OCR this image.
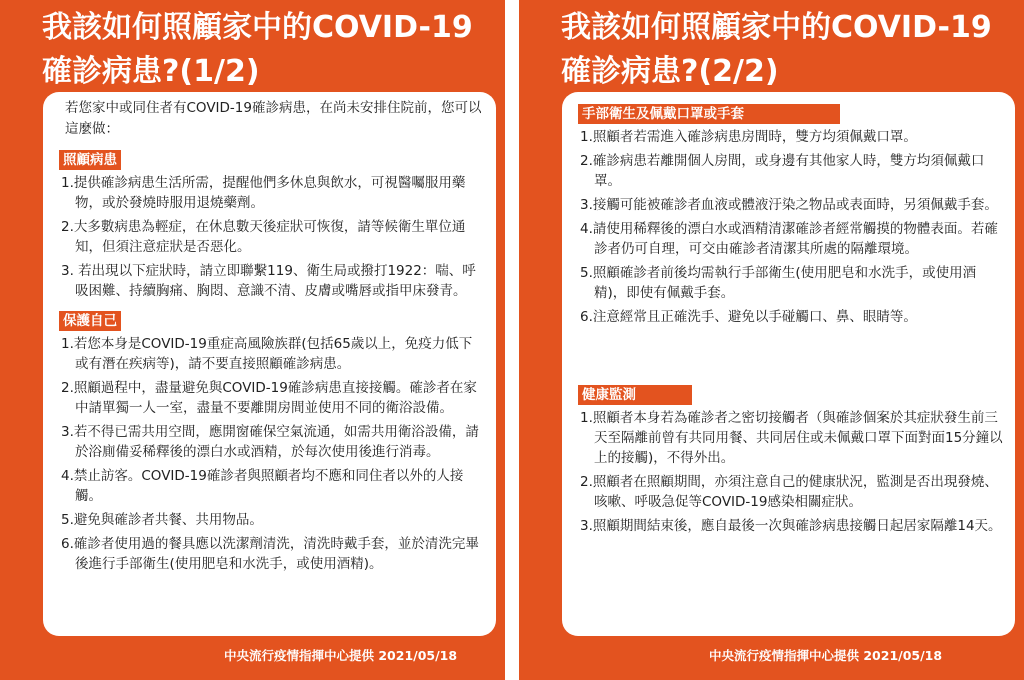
我該如何照顧家中的COVID-19
確診病患?(1/2)
若您家中或同住者有COVID-19確診病患，在尚未安排住院前，您可以這麼做：
照顧病患
1.提供確診病患生活所需，提醒他們多休息與飲水，可視醫囑服用藥物，或於發燒時服用退燒藥劑。
2.大多數病患為輕症，在休息數天後症狀可恢復，請等候衛生單位通知，但須注意症狀是否惡化。
3. 若出現以下症狀時，請立即聯繫119、衛生局或撥打1922：喘、呼吸困難、持續胸痛、胸悶、意識不清、皮膚或嘴唇或指甲床發青。
保護自己
1.若您本身是COVID-19重症高風險族群(包括65歲以上，免疫力低下或有潛在疾病等)，請不要直接照顧確診病患。
2.照顧過程中，盡量避免與COVID-19確診病患直接接觸。確診者在家中請單獨一人一室，盡量不要離開房間並使用不同的衛浴設備。
3.若不得已需共用空間，應開窗確保空氣流通，如需共用衛浴設備，請於浴廁備妥稀釋後的漂白水或酒精，於每次使用後進行消毒。
4.禁止訪客。COVID-19確診者與照顧者均不應和同住者以外的人接觸。
5.避免與確診者共餐、共用物品。
6.確診者使用過的餐具應以洗潔劑清洗，清洗時戴手套，並於清洗完畢後進行手部衛生(使用肥皂和水洗手，或使用酒精)。
中央流行疫情指揮中心提供 2021/05/18
我該如何照顧家中的COVID-19
確診病患?(2/2)
手部衛生及佩戴口罩或手套
1.照顧者若需進入確診病患房間時，雙方均須佩戴口罩。
2.確診病患若離開個人房間，或身邊有其他家人時，雙方均須佩戴口罩。
3.接觸可能被確診者血液或體液汙染之物品或表面時，另須佩戴手套。
4.請使用稀釋後的漂白水或酒精清潔確診者經常觸摸的物體表面。若確診者仍可自理，可交由確診者清潔其所處的隔離環境。
5.照顧確診者前後均需執行手部衛生(使用肥皂和水洗手，或使用酒精)，即使有佩戴手套。
6.注意經常且正確洗手、避免以手碰觸口、鼻、眼睛等。
健康監測
1.照顧者本身若為確診者之密切接觸者（與確診個案於其症狀發生前三天至隔離前曾有共同用餐、共同居住或未佩戴口罩下面對面15分鐘以上的接觸)，不得外出。
2.照顧者在照顧期間，亦須注意自己的健康狀況，監測是否出現發燒、咳嗽、呼吸急促等COVID-19感染相關症狀。
3.照顧期間結束後，應自最後一次與確診病患接觸日起居家隔離14天。
中央流行疫情指揮中心提供 2021/05/18
